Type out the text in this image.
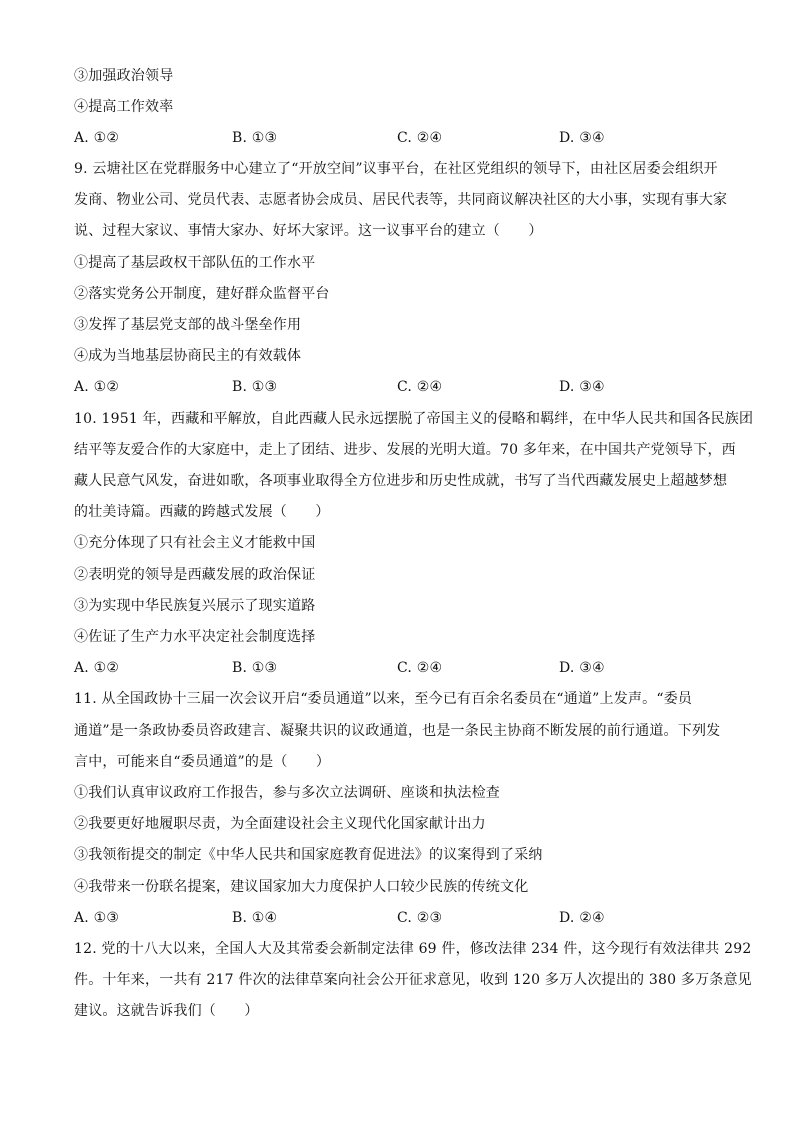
③加强政治领导
④提高工作效率
A. ①②	B. ①③	C. ②④	D. ③④
9. 云塘社区在党群服务中心建立了“开放空间”议事平台，在社区党组织的领导下，由社区居委会组织开
发商、物业公司、党员代表、志愿者协会成员、居民代表等，共同商议解决社区的大小事，实现有事大家
说、过程大家议、事情大家办、好坏大家评。这一议事平台的建立（　　）
①提高了基层政权干部队伍的工作水平
②落实党务公开制度，建好群众监督平台
③发挥了基层党支部的战斗堡垒作用
④成为当地基层协商民主的有效载体
A. ①②	B. ①③	C. ②④	D. ③④
10. 1951 年，西藏和平解放，自此西藏人民永远摆脱了帝国主义的侵略和羁绊，在中华人民共和国各民族团
结平等友爱合作的大家庭中，走上了团结、进步、发展的光明大道。70 多年来，在中国共产党领导下，西
藏人民意气风发，奋进如歌，各项事业取得全方位进步和历史性成就，书写了当代西藏发展史上超越梦想
的壮美诗篇。西藏的跨越式发展（　　）
①充分体现了只有社会主义才能救中国
②表明党的领导是西藏发展的政治保证
③为实现中华民族复兴展示了现实道路
④佐证了生产力水平决定社会制度选择
A. ①②	B. ①③	C. ②④	D. ③④
11. 从全国政协十三届一次会议开启“委员通道”以来，至今已有百余名委员在“通道”上发声。“委员
通道”是一条政协委员咨政建言、凝聚共识的议政通道，也是一条民主协商不断发展的前行通道。下列发
言中，可能来自“委员通道”的是（　　）
①我们认真审议政府工作报告，参与多次立法调研、座谈和执法检查
②我要更好地履职尽责，为全面建设社会主义现代化国家献计出力
③我领衔提交的制定《中华人民共和国家庭教育促进法》的议案得到了采纳
④我带来一份联名提案，建议国家加大力度保护人口较少民族的传统文化
A. ①③	B. ①④	C. ②③	D. ②④
12. 党的十八大以来，全国人大及其常委会新制定法律 69 件，修改法律 234 件，这今现行有效法律共 292
件。十年来，一共有 217 件次的法律草案向社会公开征求意见，收到 120 多万人次提出的 380 多万条意见
建议。这就告诉我们（　　）
